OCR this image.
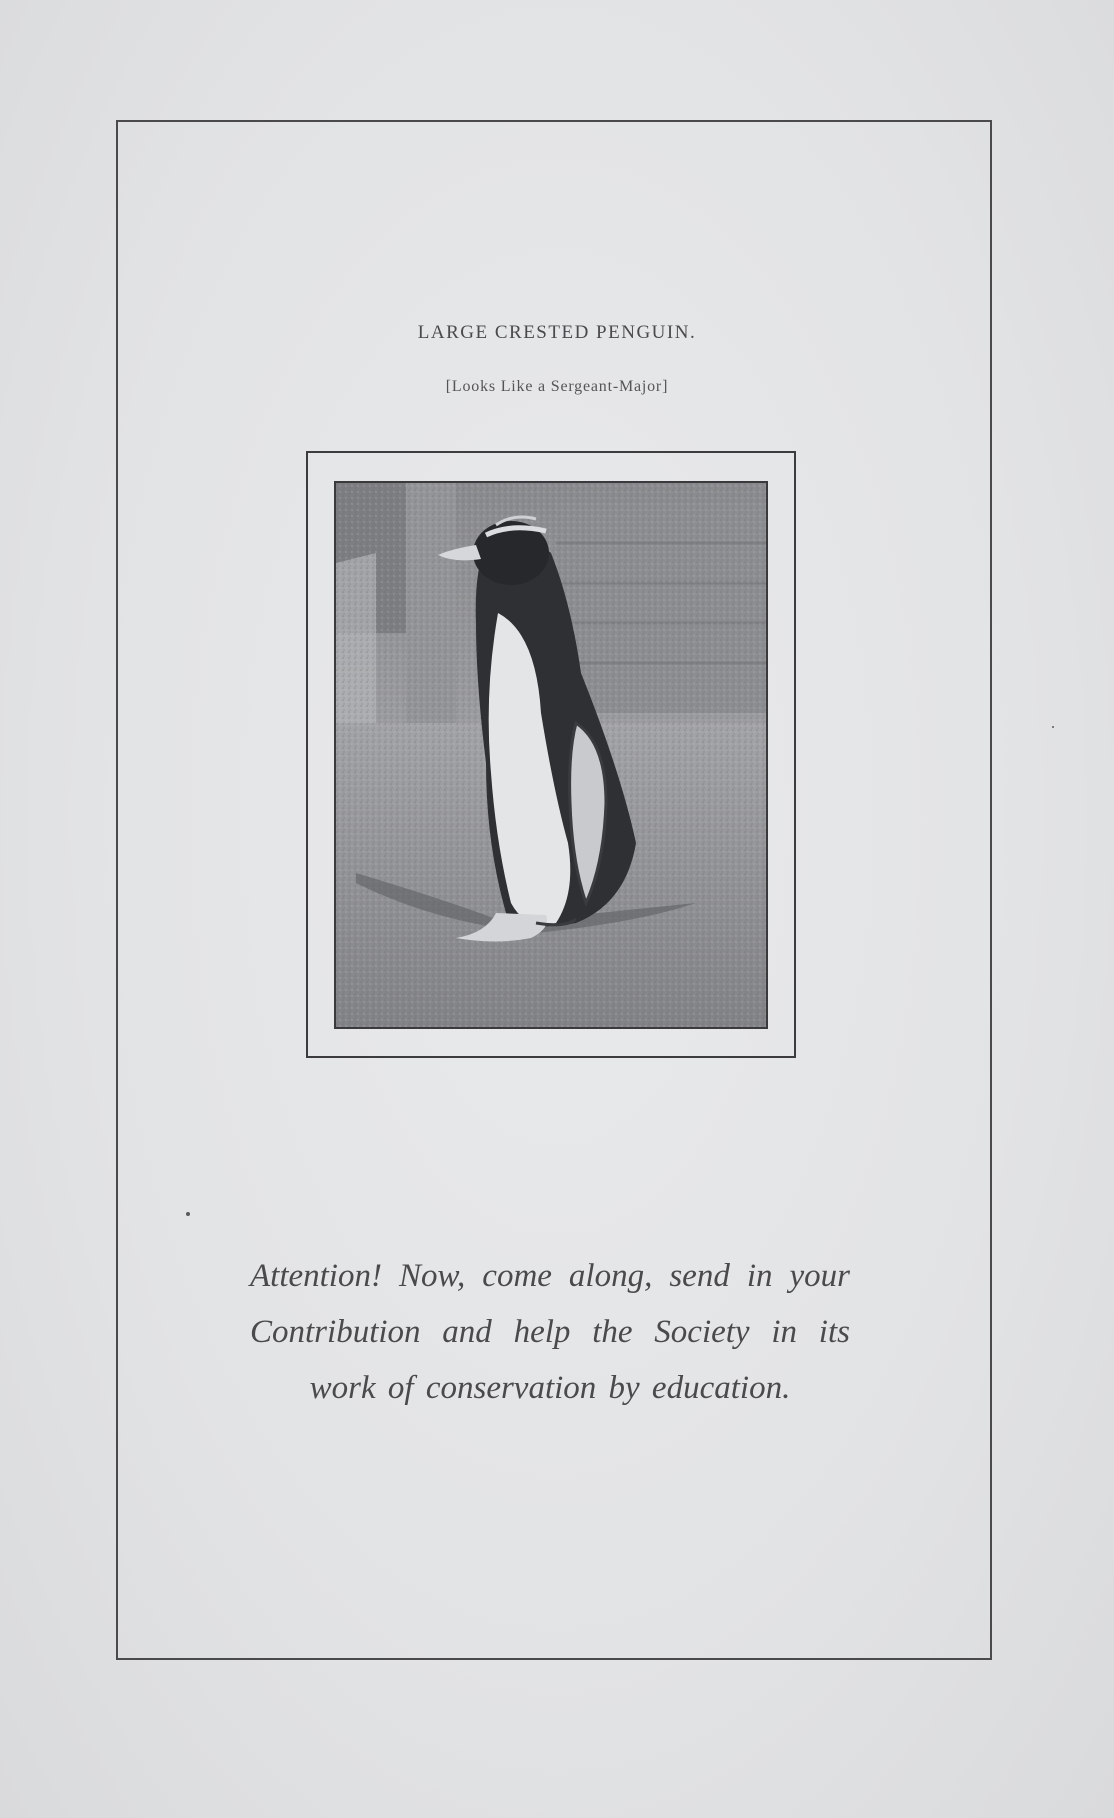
LARGE CRESTED PENGUIN.
[Looks Like a Sergeant-Major]
Attention! Now, come along, send in your Contribution and help the Society in its work of conservation by education.
